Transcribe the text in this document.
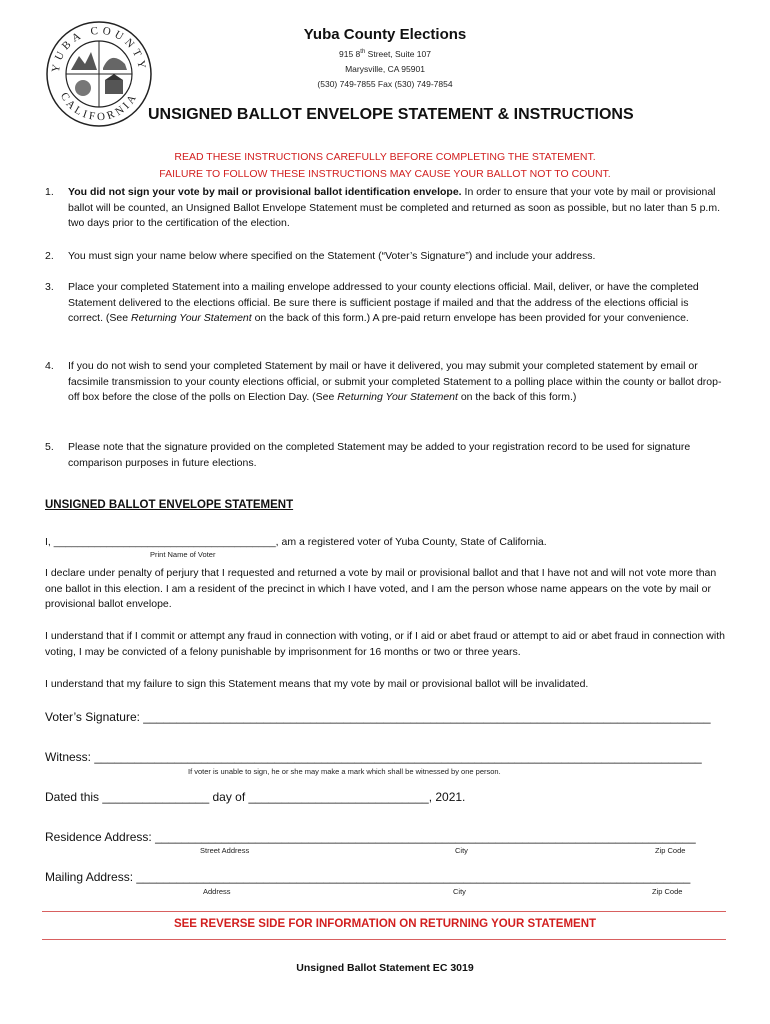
YUBA COUNTY
CALIFORNIA
Yuba County Elections
915 8th Street, Suite 107
Marysville, CA 95901
(530) 749-7855 Fax (530) 749-7854
UNSIGNED BALLOT ENVELOPE STATEMENT & INSTRUCTIONS
READ THESE INSTRUCTIONS CAREFULLY BEFORE COMPLETING THE STATEMENT.
FAILURE TO FOLLOW THESE INSTRUCTIONS MAY CAUSE YOUR BALLOT NOT TO COUNT.
1. You did not sign your vote by mail or provisional ballot identification envelope. In order to ensure that your vote by mail or provisional ballot will be counted, an Unsigned Ballot Envelope Statement must be completed and returned as soon as possible, but no later than 5 p.m. two days prior to the certification of the election.
2. You must sign your name below where specified on the Statement (“Voter’s Signature”) and include your address.
3. Place your completed Statement into a mailing envelope addressed to your county elections official. Mail, deliver, or have the completed Statement delivered to the elections official. Be sure there is sufficient postage if mailed and that the address of the elections official is correct. (See Returning Your Statement on the back of this form.) A pre-paid return envelope has been provided for your convenience.
4. If you do not wish to send your completed Statement by mail or have it delivered, you may submit your completed statement by email or facsimile transmission to your county elections official, or submit your completed Statement to a polling place within the county or ballot drop-off box before the close of the polls on Election Day. (See Returning Your Statement on the back of this form.)
5. Please note that the signature provided on the completed Statement may be added to your registration record to be used for signature comparison purposes in future elections.
UNSIGNED BALLOT ENVELOPE STATEMENT
I, ______________________________________, am a registered voter of Yuba County, State of California.
Print Name of Voter
I declare under penalty of perjury that I requested and returned a vote by mail or provisional ballot and that I have not and will not vote more than one ballot in this election. I am a resident of the precinct in which I have voted, and I am the person whose name appears on the vote by mail or provisional ballot envelope.
I understand that if I commit or attempt any fraud in connection with voting, or if I aid or abet fraud or attempt to aid or abet fraud in connection with voting, I may be convicted of a felony punishable by imprisonment for 16 months or two or three years.
I understand that my failure to sign this Statement means that my vote by mail or provisional ballot will be invalidated.
Voter’s Signature: _____________________________________________________________________________________
Witness: ___________________________________________________________________________________________
If voter is unable to sign, he or she may make a mark which shall be witnessed by one person.
Dated this ________________ day of ___________________________, 2021.
Residence Address: _________________________________________________________________________________
Street Address	City	Zip Code
Mailing Address: ___________________________________________________________________________________
Address	City	Zip Code
SEE REVERSE SIDE FOR INFORMATION ON RETURNING YOUR STATEMENT
Unsigned Ballot Statement EC 3019
